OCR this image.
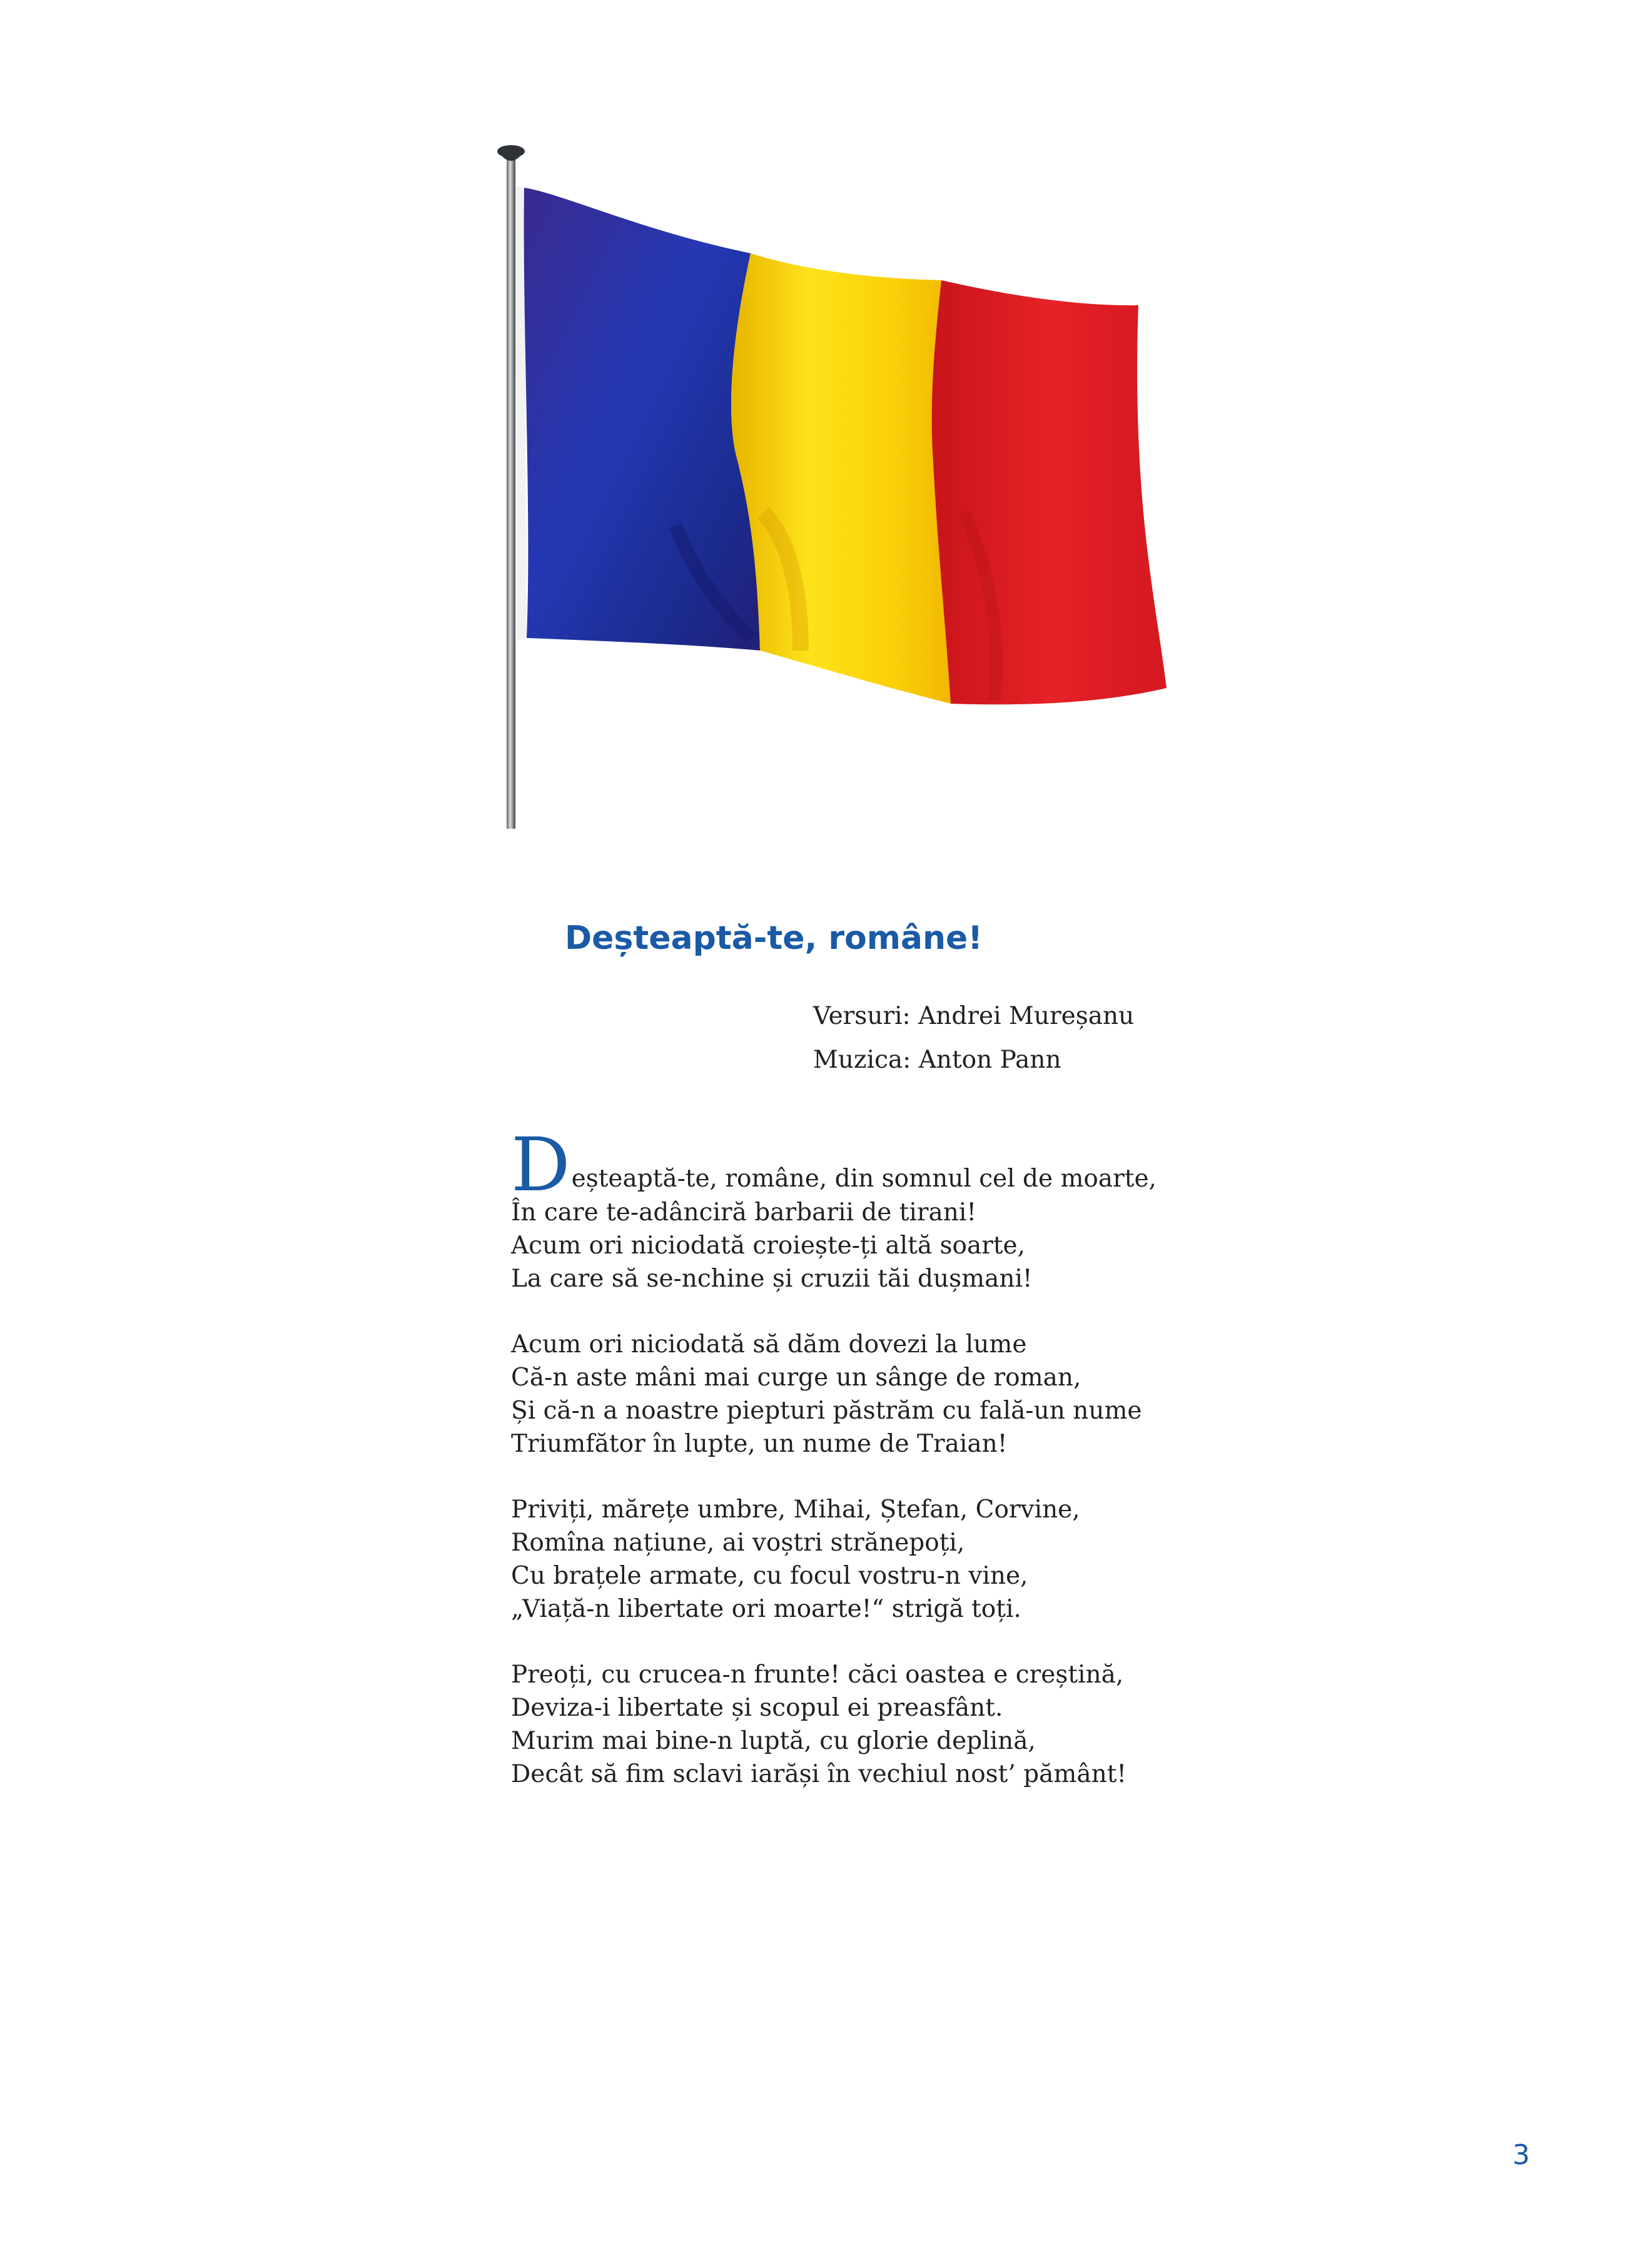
Deșteaptă-te, române!
Versuri: Andrei Mureșanu
Muzica: Anton Pann
Deșteaptă-te, române, din somnul cel de moarte,
În care te-adânciră barbarii de tirani!
Acum ori niciodată croiește-ți altă soarte,
La care să se-nchine și cruzii tăi dușmani!
Acum ori niciodată să dăm dovezi la lume
Că-n aste mâni mai curge un sânge de roman,
Și că-n a noastre piepturi păstrăm cu fală-un nume
Triumfător în lupte, un nume de Traian!
Priviți, mărețe umbre, Mihai, Ștefan, Corvine,
Romîna națiune, ai voștri strănepoți,
Cu brațele armate, cu focul vostru-n vine,
„Viață-n libertate ori moarte!“ strigă toți.
Preoți, cu crucea-n frunte! căci oastea e creștină,
Deviza-i libertate și scopul ei preasfânt.
Murim mai bine-n luptă, cu glorie deplină,
Decât să fim sclavi iarăși în vechiul nost’ pământ!
3
